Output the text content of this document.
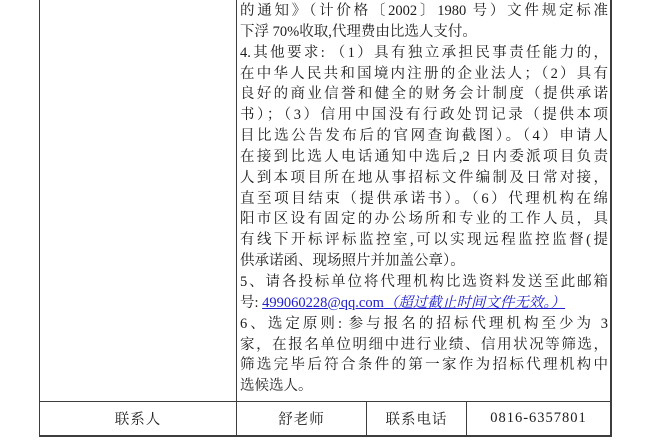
的通知》（计价格〔2002〕1980 号）文件规定标准
下浮 70%收取,代理费由比选人支付。
4.其他要求: （1）具有独立承担民事责任能力的，
在中华人民共和国境内注册的企业法人；（2）具有
良好的商业信誉和健全的财务会计制度（提供承诺
书）；（3）信用中国没有行政处罚记录（提供本项
目比选公告发布后的官网查询截图）。（4）申请人
在接到比选人电话通知中选后,2 日内委派项目负责
人到本项目所在地从事招标文件编制及日常对接，
直至项目结束（提供承诺书）。（6）代理机构在绵
阳市区设有固定的办公场所和专业的工作人员，具
有线下开标评标监控室,可以实现远程监控监督(提
供承诺函、现场照片并加盖公章）。
5、请各投标单位将代理机构比选资料发送至此邮箱
号: 499060228@qq.com（超过截止时间文件无效。）
6、选定原则: 参与报名的招标代理机构至少为 3
家，在报名单位明细中进行业绩、信用状况等筛选，
筛选完毕后符合条件的第一家作为招标代理机构中
选候选人。
联系人	舒老师	联系电话	0816-6357801
